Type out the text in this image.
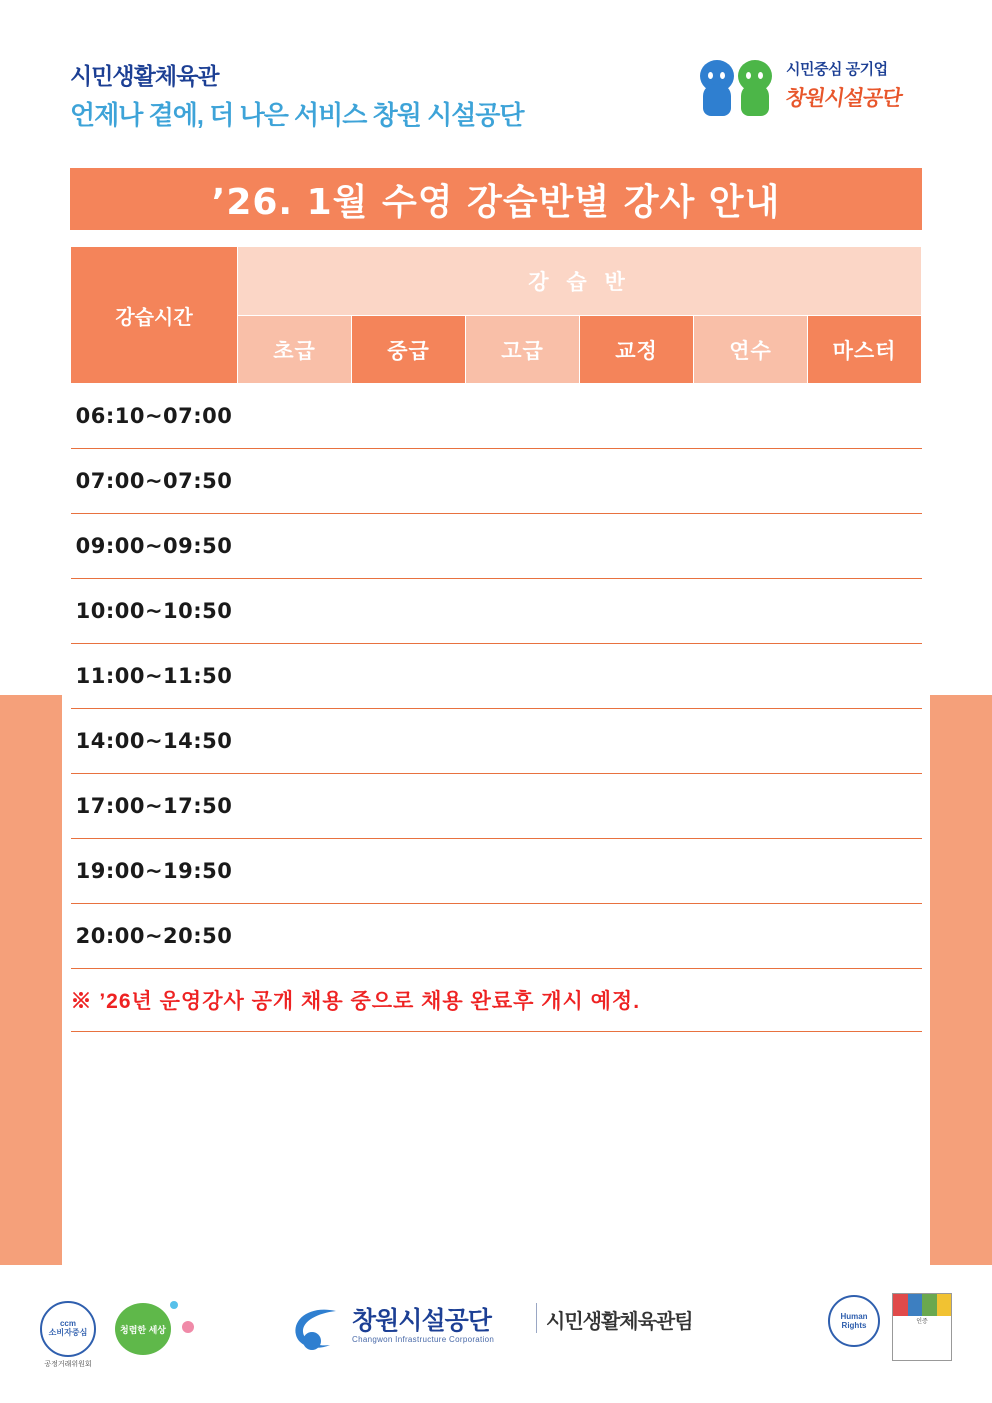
시민생활체육관
언제나 곁에, 더 나은 서비스 창원 시설공단
시민중심 공기업
창원시설공단
’26. 1월 수영 강습반별 강사 안내
강습시간	강 습 반					
	초급	중급	고급	교정	연수	마스터
06:10~07:00						
07:00~07:50						
09:00~09:50						
10:00~10:50						
11:00~11:50						
14:00~14:50						
17:00~17:50						
19:00~19:50						
20:00~20:50						
※ ’26년 운영강사 공개 채용 중으로 채용 완료후 개시 예정.						

ccm
소비자중심
공정거래위원회
청렴한 세상	창원시설공단
Changwon Infrastructure Corporation
시민생활체육관팀	Human Rights	인증
